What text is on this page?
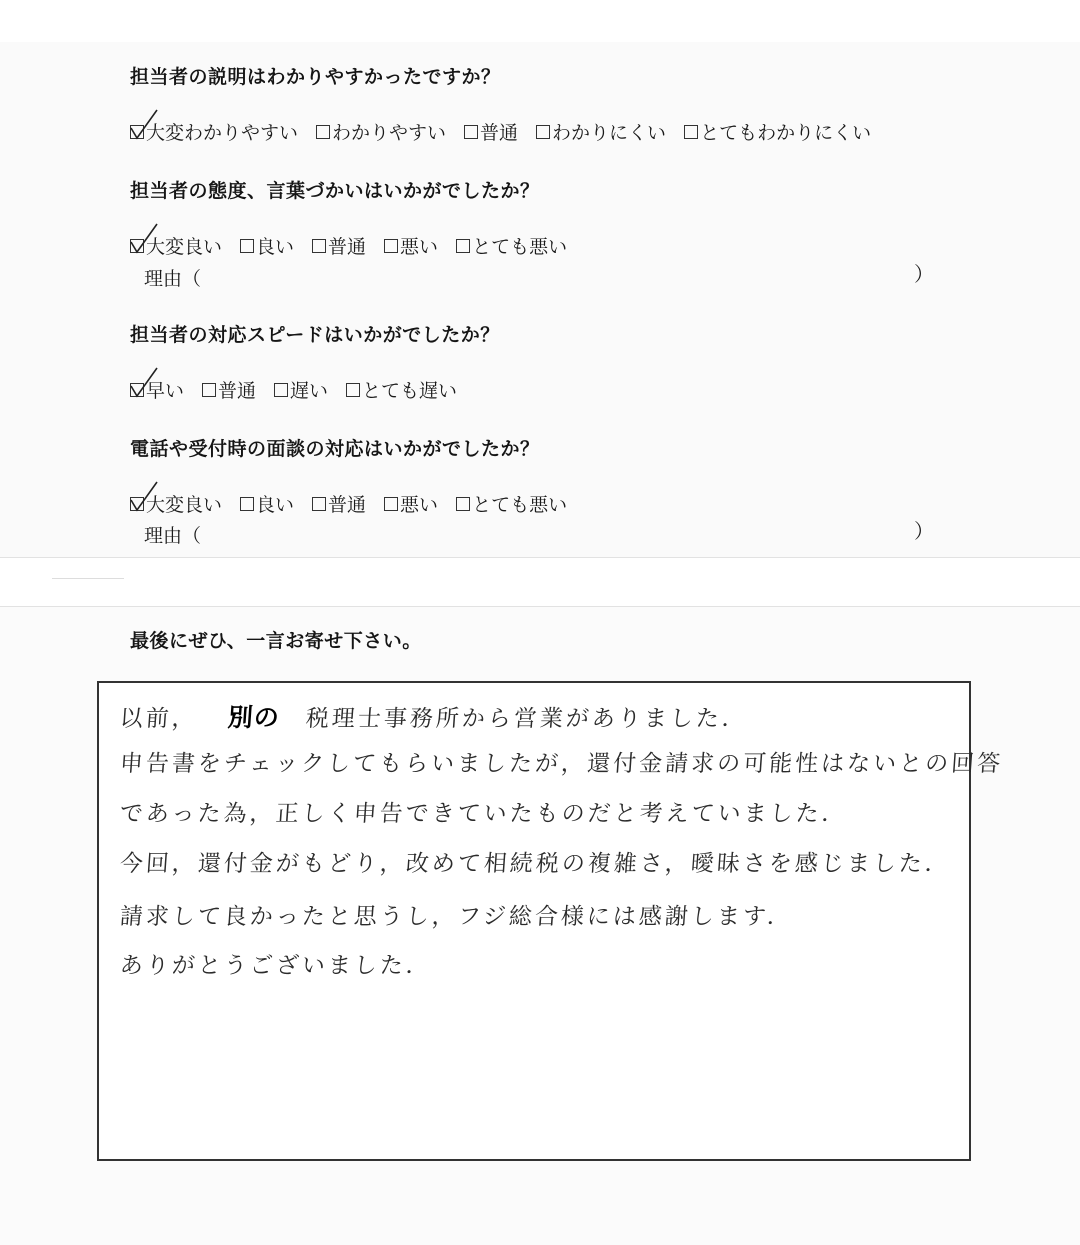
担当者の説明はわかりやすかったですか？
大変わかりやすい わかりやすい 普通 わかりにくい とてもわかりにくい
担当者の態度、言葉づかいはいかがでしたか？
大変良い 良い 普通 悪い とても悪い
理由（	）
担当者の対応スピードはいかがでしたか？
早い 普通 遅い とても遅い
電話や受付時の面談の対応はいかがでしたか？
大変良い 良い 普通 悪い とても悪い
理由（	）
最後にぜひ、一言お寄せ下さい。
以前， 別の 税理士事務所から営業がありました．
申告書をチェックしてもらいましたが，還付金請求の可能性はないとの回答
であった為，正しく申告できていたものだと考えていました．
今回，還付金がもどり，改めて相続税の複雑さ，曖昧さを感じました．
請求して良かったと思うし，フジ総合様には感謝します．
ありがとうございました．
